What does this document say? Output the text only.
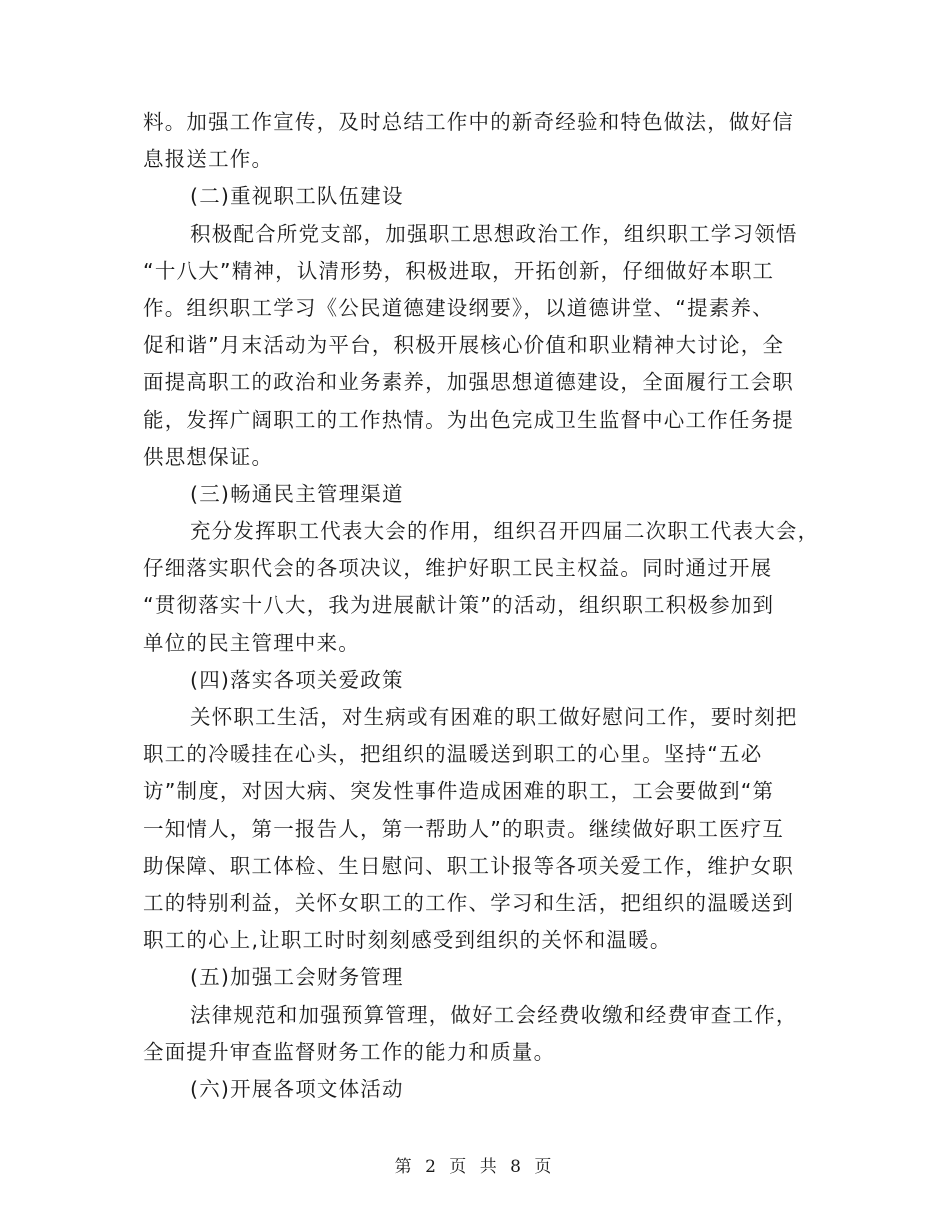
料。加强工作宣传，及时总结工作中的新奇经验和特色做法，做好信
息报送工作。
(二)重视职工队伍建设
积极配合所党支部，加强职工思想政治工作，组织职工学习领悟
“十八大”精神，认清形势，积极进取，开拓创新，仔细做好本职工
作。组织职工学习《公民道德建设纲要》，以道德讲堂、“提素养、
促和谐”月末活动为平台，积极开展核心价值和职业精神大讨论，全
面提高职工的政治和业务素养，加强思想道德建设，全面履行工会职
能，发挥广阔职工的工作热情。为出色完成卫生监督中心工作任务提
供思想保证。
(三)畅通民主管理渠道
充分发挥职工代表大会的作用，组织召开四届二次职工代表大会，
仔细落实职代会的各项决议，维护好职工民主权益。同时通过开展
“贯彻落实十八大，我为进展献计策”的活动，组织职工积极参加到
单位的民主管理中来。
(四)落实各项关爱政策
关怀职工生活，对生病或有困难的职工做好慰问工作，要时刻把
职工的冷暖挂在心头，把组织的温暖送到职工的心里。坚持“五必
访”制度，对因大病、突发性事件造成困难的职工，工会要做到“第
一知情人，第一报告人，第一帮助人”的职责。继续做好职工医疗互
助保障、职工体检、生日慰问、职工讣报等各项关爱工作，维护女职
工的特别利益，关怀女职工的工作、学习和生活，把组织的温暖送到
职工的心上,让职工时时刻刻感受到组织的关怀和温暖。
(五)加强工会财务管理
法律规范和加强预算管理，做好工会经费收缴和经费审查工作，
全面提升审查监督财务工作的能力和质量。
(六)开展各项文体活动
第 2 页 共 8 页
